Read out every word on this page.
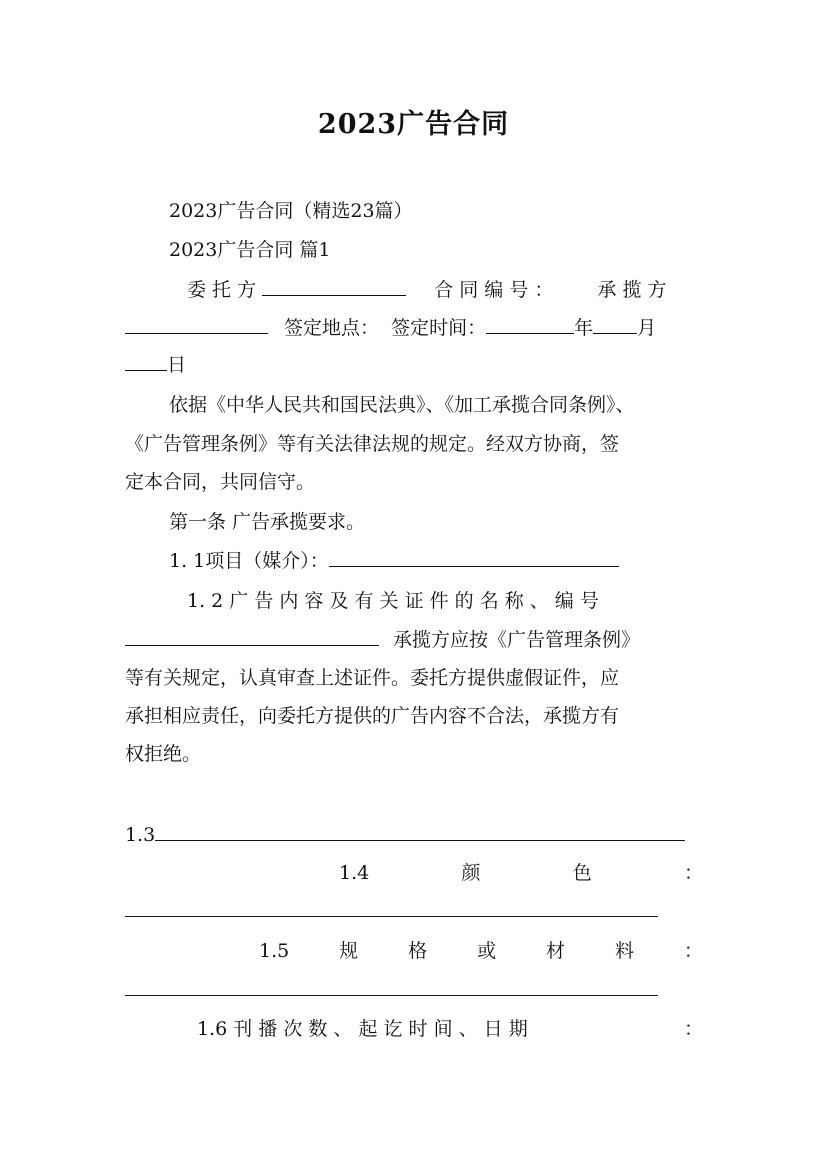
2023广告合同
2023广告合同（精选23篇）
2023广告合同 篇1
委 托 方	合 同 编 号 ： 承 揽 方
签定地点： 签定时间：	年 月
日
依据《中华人民共和国民法典》、《加工承揽合同条例》、
《广告管理条例》等有关法律法规的规定。经双方协商，签
定本合同，共同信守。
第一条 广告承揽要求。
1. 1项目（媒介）：
1. 2 广 告 内 容 及 有 关 证 件 的 名 称 、 编 号
承揽方应按《广告管理条例》
等有关规定，认真审查上述证件。委托方提供虚假证件，应
承担相应责任，向委托方提供的广告内容不合法，承揽方有
权拒绝。
1.3
1.4	颜	色	：
1.5	规	格	或	材	料	：
1.6 刊 播 次 数 、 起 讫 时 间 、 日 期	：
